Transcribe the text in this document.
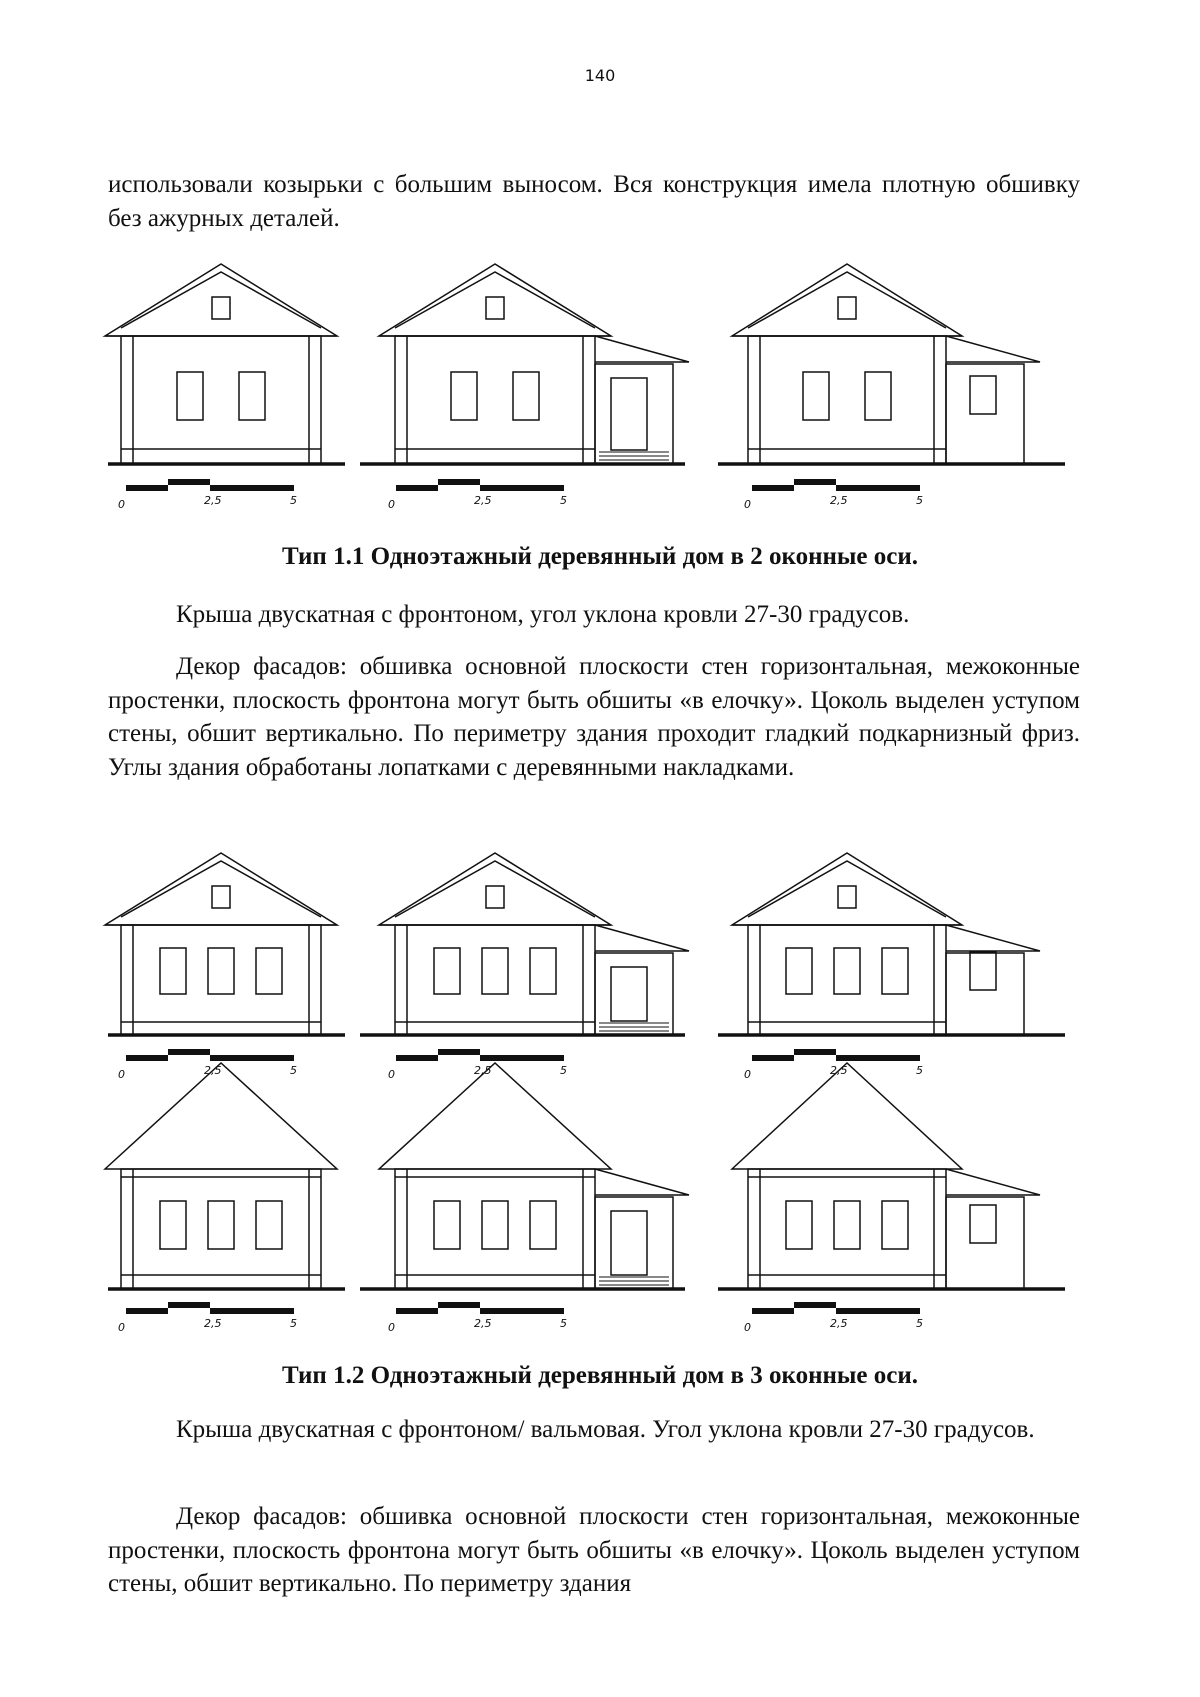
140

использовали козырьки с большим выносом. Вся конструкция имела плотную обшивку без ажурных деталей.

Тип 1.1 Одноэтажный деревянный дом в 2 оконные оси.

Крыша двускатная с фронтоном, угол уклона кровли 27-30 градусов.

Декор фасадов: обшивка основной плоскости стен горизонтальная, межоконные простенки, плоскость фронтона могут быть обшиты «в елочку». Цоколь выделен уступом стены, обшит вертикально. По периметру здания проходит гладкий подкарнизный фриз. Углы здания обработаны лопатками с деревянными накладками.

Тип 1.2 Одноэтажный деревянный дом в 3 оконные оси.

Крыша двускатная с фронтоном/ вальмовая. Угол уклона кровли 27-30 градусов.

Декор фасадов: обшивка основной плоскости стен горизонтальная, межоконные простенки, плоскость фронтона могут быть обшиты «в елочку». Цоколь выделен уступом стены, обшит вертикально. По периметру здания

0	2,5	5	0	2,5	5	0	2,5	5
0	2,5	5	0	2,5	5	0	2,5	5
0	2,5	5	0	2,5	5	0	2,5	5
